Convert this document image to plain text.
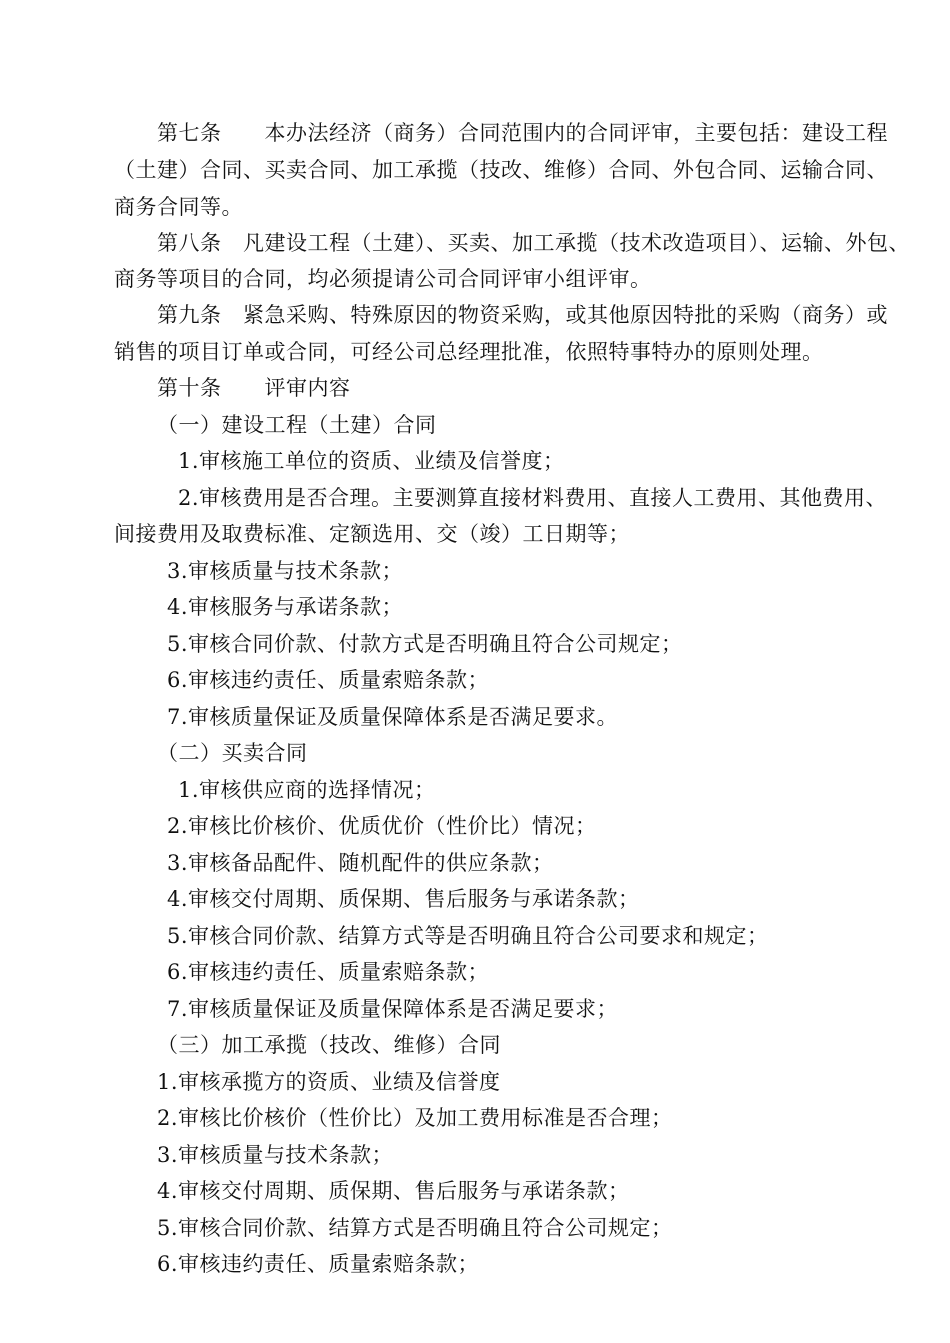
第七条　　本办法经济（商务）合同范围内的合同评审，主要包括：建设工程
（土建）合同、买卖合同、加工承揽（技改、维修）合同、外包合同、运输合同、
商务合同等。
第八条　凡建设工程（土建）、买卖、加工承揽（技术改造项目）、运输、外包、
商务等项目的合同，均必须提请公司合同评审小组评审。
第九条　紧急采购、特殊原因的物资采购，或其他原因特批的采购（商务）或
销售的项目订单或合同，可经公司总经理批准，依照特事特办的原则处理。
第十条　　评审内容
（一）建设工程（土建）合同
1.审核施工单位的资质、业绩及信誉度；
2.审核费用是否合理。主要测算直接材料费用、直接人工费用、其他费用、
间接费用及取费标准、定额选用、交（竣）工日期等；
3.审核质量与技术条款；
4.审核服务与承诺条款；
5.审核合同价款、付款方式是否明确且符合公司规定；
6.审核违约责任、质量索赔条款；
7.审核质量保证及质量保障体系是否满足要求。
（二）买卖合同
1.审核供应商的选择情况；
2.审核比价核价、优质优价（性价比）情况；
3.审核备品配件、随机配件的供应条款；
4.审核交付周期、质保期、售后服务与承诺条款；
5.审核合同价款、结算方式等是否明确且符合公司要求和规定；
6.审核违约责任、质量索赔条款；
7.审核质量保证及质量保障体系是否满足要求；
（三）加工承揽（技改、维修）合同
1.审核承揽方的资质、业绩及信誉度
2.审核比价核价（性价比）及加工费用标准是否合理；
3.审核质量与技术条款；
4.审核交付周期、质保期、售后服务与承诺条款；
5.审核合同价款、结算方式是否明确且符合公司规定；
6.审核违约责任、质量索赔条款；
